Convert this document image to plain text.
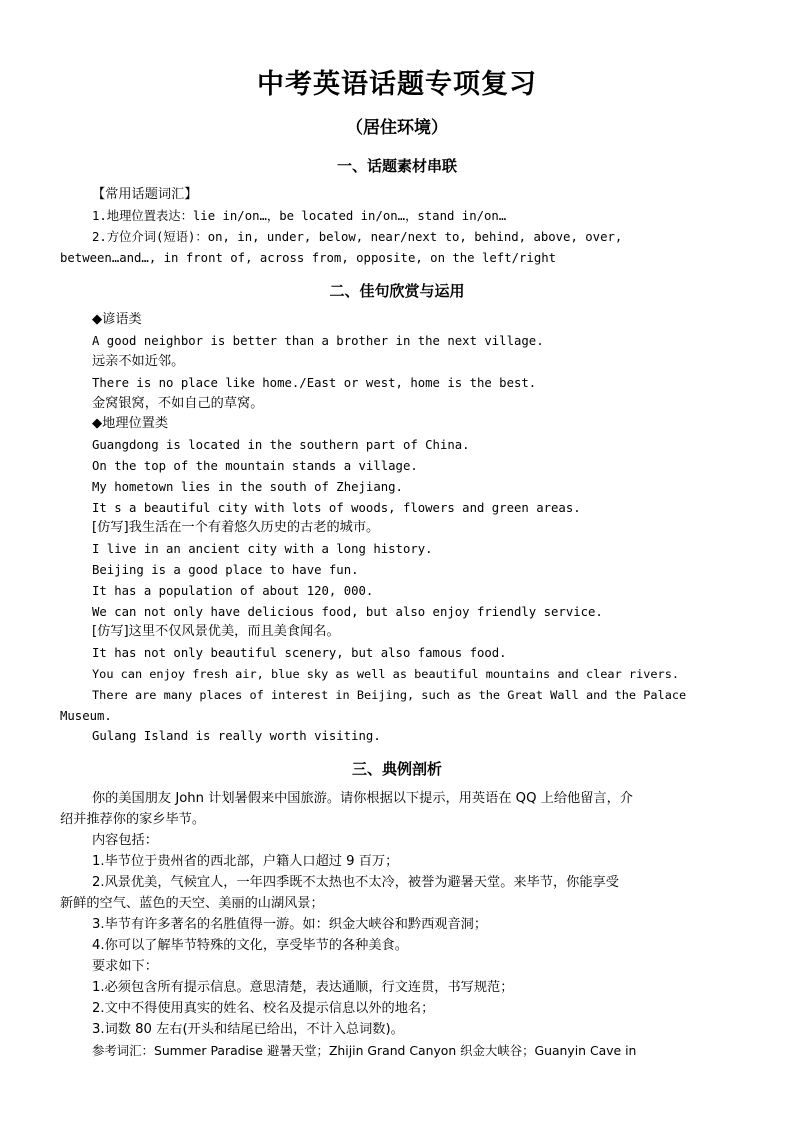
中考英语话题专项复习
（居住环境）
一、话题素材串联
【常用话题词汇】
1.地理位置表达：lie in/on…，be located in/on…，stand in/on…
2.方位介词(短语)：on, in, under, below, near/next to, behind, above, over,
between…and…, in front of, across from, opposite, on the left/right
二、佳句欣赏与运用
◆谚语类
A good neighbor is better than a brother in the next village.
远亲不如近邻。
There is no place like home./East or west, home is the best.
金窝银窝，不如自己的草窝。
◆地理位置类
Guangdong is located in the southern part of China.
On the top of the mountain stands a village.
My hometown lies in the south of Zhejiang.
It s a beautiful city with lots of woods, flowers and green areas.
[仿写]我生活在一个有着悠久历史的古老的城市。
I live in an ancient city with a long history.
Beijing is a good place to have fun.
It has a population of about 120, 000.
We can not only have delicious food, but also enjoy friendly service.
[仿写]这里不仅风景优美，而且美食闻名。
It has not only beautiful scenery, but also famous food.
You can enjoy fresh air, blue sky as well as beautiful mountains and clear rivers.
There are many places of interest in Beijing, such as the Great Wall and the Palace
Museum.
Gulang Island is really worth visiting.
三、典例剖析
你的美国朋友 John 计划暑假来中国旅游。请你根据以下提示，用英语在 QQ 上给他留言，介
绍并推荐你的家乡毕节。
内容包括：
1.毕节位于贵州省的西北部，户籍人口超过 9 百万；
2.风景优美，气候宜人，一年四季既不太热也不太冷，被誉为避暑天堂。来毕节，你能享受
新鲜的空气、蓝色的天空、美丽的山湖风景；
3.毕节有许多著名的名胜值得一游。如：织金大峡谷和黔西观音洞；
4.你可以了解毕节特殊的文化，享受毕节的各种美食。
要求如下：
1.必须包含所有提示信息。意思清楚，表达通顺，行文连贯，书写规范；
2.文中不得使用真实的姓名、校名及提示信息以外的地名；
3.词数 80 左右(开头和结尾已给出，不计入总词数)。
参考词汇：Summer Paradise 避暑天堂；Zhijin Grand Canyon 织金大峡谷；Guanyin Cave in
